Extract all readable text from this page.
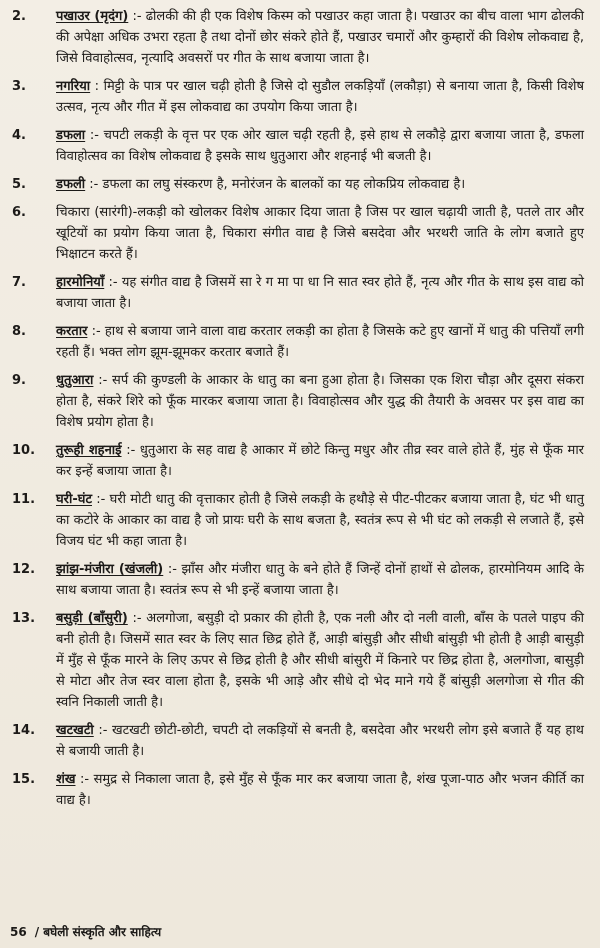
2.	पखाउर (मृदंग) :- ढोलकी की ही एक विशेष किस्म को पखाउर कहा जाता है। पखाउर का बीच वाला भाग ढोलकी की अपेक्षा अधिक उभरा रहता है तथा दोनों छोर संकरे होते हैं, पखाउर चमारों और कुम्हारों की विशेष लोकवाद्य है, जिसे विवाहोत्सव, नृत्यादि अवसरों पर गीत के साथ बजाया जाता है।
3.	नगरिया : मिट्टी के पात्र पर खाल चढ़ी होती है जिसे दो सुडौल लकड़ियाँ (लकौड़ा) से बनाया जाता है, किसी विशेष उत्सव, नृत्य और गीत में इस लोकवाद्य का उपयोग किया जाता है।
4.	डफला :- चपटी लकड़ी के वृत्त पर एक ओर खाल चढ़ी रहती है, इसे हाथ से लकौड़े द्वारा बजाया जाता है, डफला विवाहोत्सव का विशेष लोकवाद्य है इसके साथ धुतुआरा और शहनाई भी बजती है।
5.	डफली :- डफला का लघु संस्करण है, मनोरंजन के बालकों का यह लोकप्रिय लोकवाद्य है।
6.	चिकारा (सारंगी)-लकड़ी को खोलकर विशेष आकार दिया जाता है जिस पर खाल चढ़ायी जाती है, पतले तार और खूटियों का प्रयोग किया जाता है, चिकारा संगीत वाद्य है जिसे बसदेवा और भरथरी जाति के लोग बजाते हुए भिक्षाटन करते हैं।
7.	हारमोनियाँ :- यह संगीत वाद्य है जिसमें सा रे ग मा पा धा नि सात स्वर होते हैं, नृत्य और गीत के साथ इस वाद्य को बजाया जाता है।
8.	करतार :- हाथ से बजाया जाने वाला वाद्य करतार लकड़ी का होता है जिसके कटे हुए खानों में धातु की पत्तियाँ लगी रहती हैं। भक्त लोग झूम-झूमकर करतार बजाते हैं।
9.	धुतुआरा :- सर्प की कुण्डली के आकार के धातु का बना हुआ होता है। जिसका एक शिरा चौड़ा और दूसरा संकरा होता है, संकरे शिरे को फूँक मारकर बजाया जाता है। विवाहोत्सव और युद्ध की तैयारी के अवसर पर इस वाद्य का विशेष प्रयोग होता है।
10.	तुरूही शहनाई :- धुतुआरा के सह वाद्य है आकार में छोटे किन्तु मधुर और तीव्र स्वर वाले होते हैं, मुंह से फूँक मार कर इन्हें बजाया जाता है।
11.	घरी-घंट :- घरी मोटी धातु की वृत्ताकार होती है जिसे लकड़ी के हथौड़े से पीट-पीटकर बजाया जाता है, घंट भी धातु का कटोरे के आकार का वाद्य है जो प्रायः घरी के साथ बजता है, स्वतंत्र रूप से भी घंट को लकड़ी से लजाते हैं, इसे विजय घंट भी कहा जाता है।
12.	झांझ-मंजीरा (खंजली) :- झाँस और मंजीरा धातु के बने होते हैं जिन्हें दोनों हाथों से ढोलक, हारमोनियम आदि के साथ बजाया जाता है। स्वतंत्र रूप से भी इन्हें बजाया जाता है।
13.	बसुड़ी (बाँसुरी) :- अलगोजा, बसुड़ी दो प्रकार की होती है, एक नली और दो नली वाली, बाँस के पतले पाइप की बनी होती है। जिसमें सात स्वर के लिए सात छिद्र होते हैं, आड़ी बांसुड़ी और सीधी बांसुड़ी भी होती है आड़ी बासुड़ी में मुँह से फूँक मारने के लिए ऊपर से छिद्र होती है और सीधी बांसुरी में किनारे पर छिद्र होता है, अलगोजा, बासुड़ी से मोटा और तेज स्वर वाला होता है, इसके भी आड़े और सीधे दो भेद माने गये हैं बांसुड़ी अलगोजा से गीत की स्वनि निकाली जाती है।
14.	खटखटी :- खटखटी छोटी-छोटी, चपटी दो लकड़ियों से बनती है, बसदेवा और भरथरी लोग इसे बजाते हैं यह हाथ से बजायी जाती है।
15.	शंख :- समुद्र से निकाला जाता है, इसे मुँह से फूँक मार कर बजाया जाता है, शंख पूजा-पाठ और भजन कीर्ति का वाद्य है।
56 / बघेली संस्कृति और साहित्य
